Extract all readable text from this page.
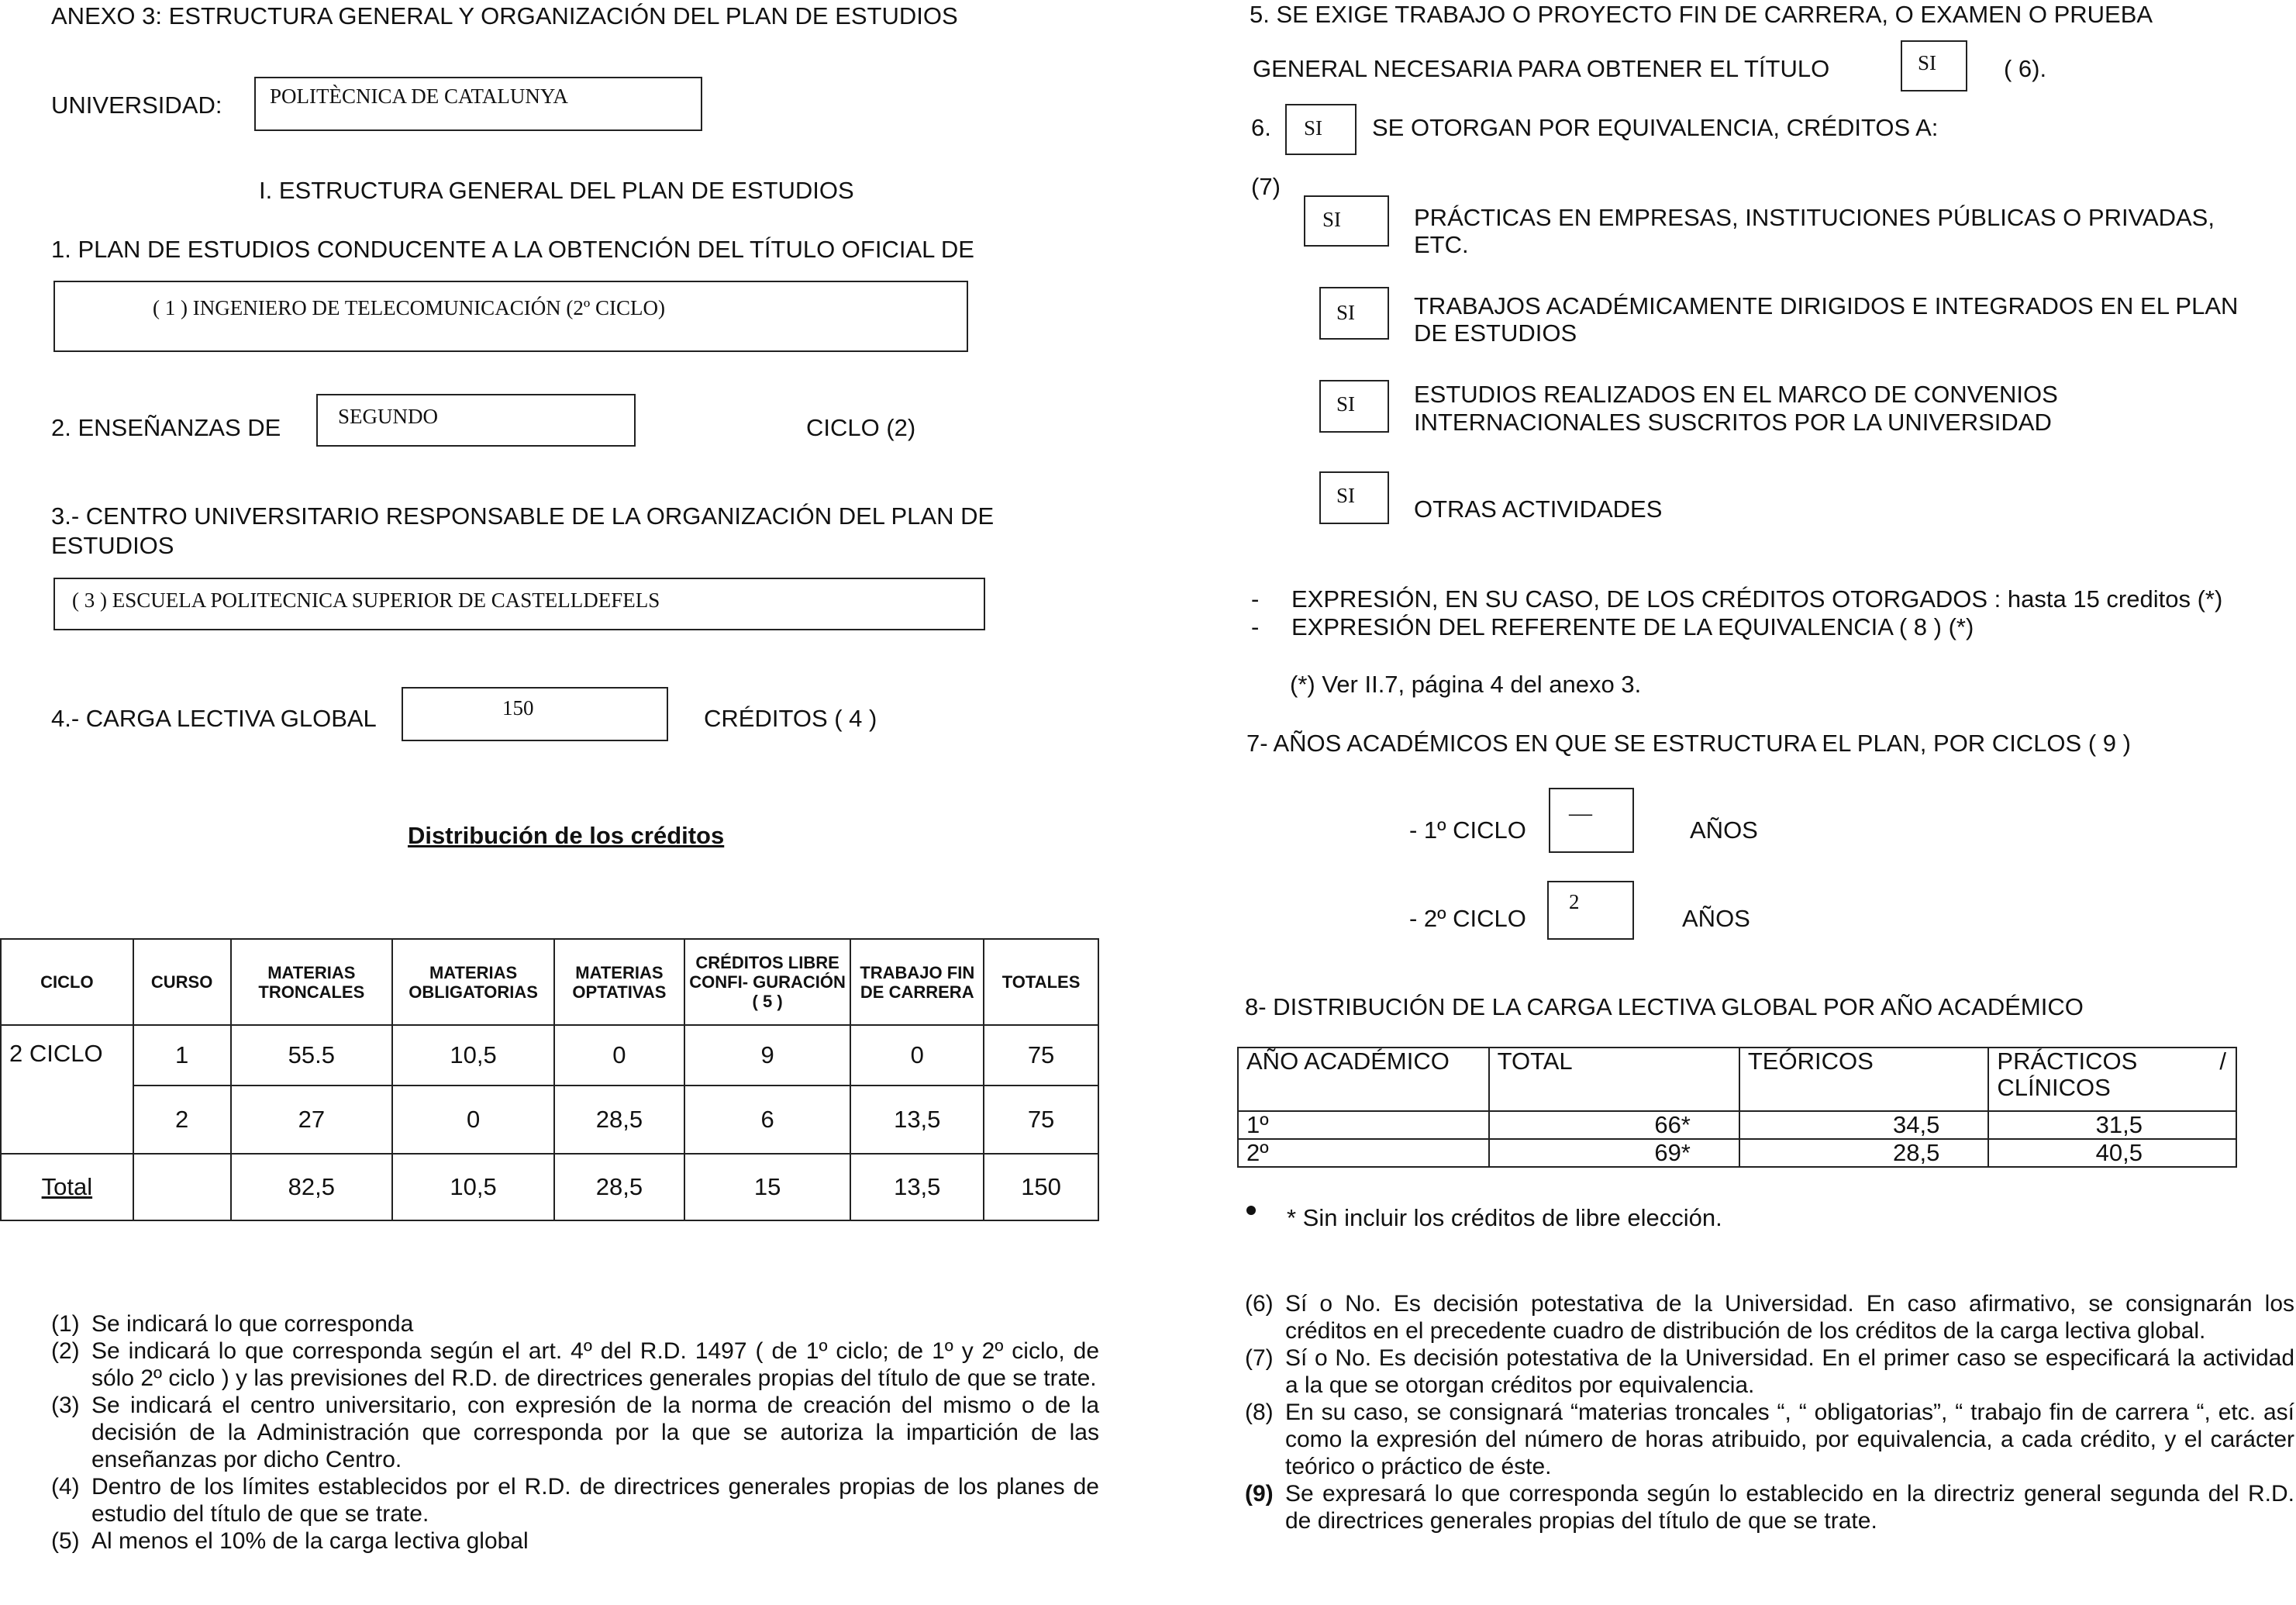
ANEXO 3: ESTRUCTURA GENERAL Y ORGANIZACIÓN DEL PLAN DE ESTUDIOS
UNIVERSIDAD: POLITÈCNICA DE CATALUNYA
I. ESTRUCTURA GENERAL DEL PLAN DE ESTUDIOS
1. PLAN DE ESTUDIOS CONDUCENTE A LA OBTENCIÓN DEL TÍTULO OFICIAL DE
( 1 ) INGENIERO DE TELECOMUNICACIÓN (2º CICLO)
2. ENSEÑANZAS DE	SEGUNDO	CICLO (2)
3.- CENTRO UNIVERSITARIO RESPONSABLE DE LA ORGANIZACIÓN DEL PLAN DE
ESTUDIOS
( 3 ) ESCUELA POLITECNICA SUPERIOR DE CASTELLDEFELS
4.- CARGA LECTIVA GLOBAL	150	CRÉDITOS ( 4 )
Distribución de los créditos
CICLO	CURSO	MATERIAS TRONCALES	MATERIAS OBLIGATORIAS	MATERIAS OPTATIVAS	CRÉDITOS LIBRE CONFI- GURACIÓN ( 5 )	TRABAJO FIN DE CARRERA	TOTALES
2 CICLO	1	55.5	10,5	0	9	0	75
	2	27	0	28,5	6	13,5	75
Total		82,5	10,5	28,5	15	13,5	150
(1) Se indicará lo que corresponda
(2) Se indicará lo que corresponda según el art. 4º del R.D. 1497 ( de 1º ciclo; de 1º y 2º ciclo, de sólo 2º ciclo ) y las previsiones del R.D. de directrices generales propias del título de que se trate.
(3) Se indicará el centro universitario, con expresión de la norma de creación del mismo o de la decisión de la Administración que corresponda por la que se autoriza la impartición de las enseñanzas por dicho Centro.
(4) Dentro de los límites establecidos por el R.D. de directrices generales propias de los planes de estudio del título de que se trate.
(5) Al menos el 10% de la carga lectiva global
5. SE EXIGE TRABAJO O PROYECTO FIN DE CARRERA, O EXAMEN O PRUEBA
GENERAL NECESARIA PARA OBTENER EL TÍTULO	SI	( 6).
6. SI SE OTORGAN POR EQUIVALENCIA, CRÉDITOS A:
(7)
SI	PRÁCTICAS EN EMPRESAS, INSTITUCIONES PÚBLICAS O PRIVADAS,
ETC.
SI TRABAJOS ACADÉMICAMENTE DIRIGIDOS E INTEGRADOS EN EL PLAN
DE ESTUDIOS
SI ESTUDIOS REALIZADOS EN EL MARCO DE CONVENIOS
INTERNACIONALES SUSCRITOS POR LA UNIVERSIDAD
SI OTRAS ACTIVIDADES
- EXPRESIÓN, EN SU CASO, DE LOS CRÉDITOS OTORGADOS : hasta 15 creditos (*)
- EXPRESIÓN DEL REFERENTE DE LA EQUIVALENCIA ( 8 ) (*)
(*) Ver II.7, página 4 del anexo 3.
7- AÑOS ACADÉMICOS EN QUE SE ESTRUCTURA EL PLAN, POR CICLOS ( 9 )
- 1º CICLO
—
AÑOS
- 2º CICLO
2
AÑOS
8- DISTRIBUCIÓN DE LA CARGA LECTIVA GLOBAL POR AÑO ACADÉMICO
AÑO ACADÉMICO	TOTAL	TEÓRICOS	PRÁCTICOS /

CLÍNICOS
1º	66*	34,5	31,5
2º	69*	28,5	40,5
* Sin incluir los créditos de libre elección.
(6) Sí o No. Es decisión potestativa de la Universidad. En caso afirmativo, se consignarán los créditos en el precedente cuadro de distribución de los créditos de la carga lectiva global.
(7) Sí o No. Es decisión potestativa de la Universidad. En el primer caso se especificará la actividad a la que se otorgan créditos por equivalencia.
(8) En su caso, se consignará “materias troncales “, “ obligatorias”, “ trabajo fin de carrera “, etc. así como la expresión del número de horas atribuido, por equivalencia, a cada crédito, y el carácter teórico o práctico de éste.
(9) Se expresará lo que corresponda según lo establecido en la directriz general segunda del R.D. de directrices generales propias del título de que se trate.
